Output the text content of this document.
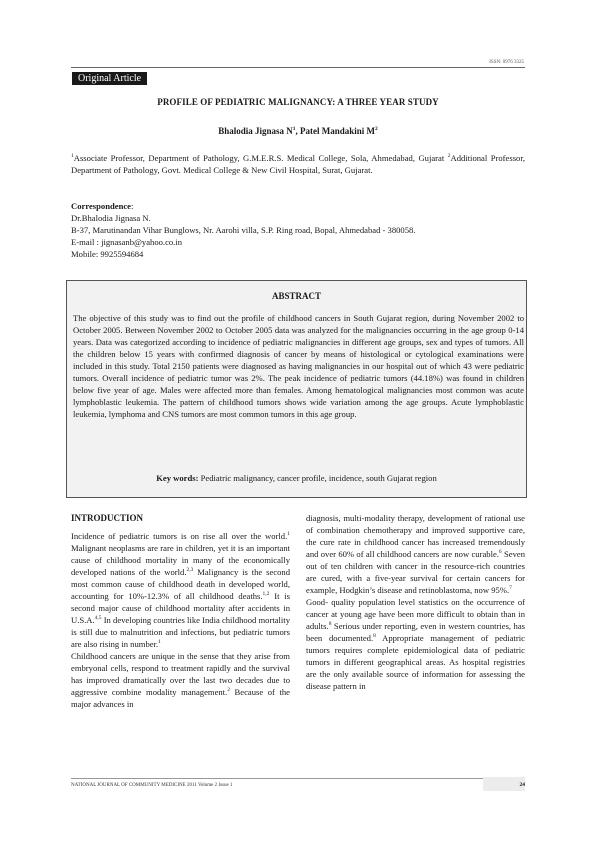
ISSN: 0976 3325
Original Article
PROFILE OF PEDIATRIC MALIGNANCY: A THREE YEAR STUDY
Bhalodia Jignasa $N^1$, Patel Mandakini $M^2$
$^1$Associate Professor, Department of Pathology, G.M.E.R.S. Medical College, Sola, Ahmedabad, Gujarat $^2$Additional Professor, Department of Pathology, Govt. Medical College & New Civil Hospital, Surat, Gujarat.
Correspondence:
Dr.Bhalodia Jignasa N.
B-37, Marutinandan Vihar Bunglows, Nr. Aarohi villa, S.P. Ring road, Bopal, Ahmedabad - 380058.
E-mail : jignasanb@yahoo.co.in
Mobile: 9925594684
ABSTRACT
The objective of this study was to find out the profile of childhood cancers in South Gujarat region, during November 2002 to October 2005. Between November 2002 to October 2005 data was analyzed for the malignancies occurring in the age group 0-14 years. Data was categorized according to incidence of pediatric malignancies in different age groups, sex and types of tumors. All the children below 15 years with confirmed diagnosis of cancer by means of histological or cytological examinations were included in this study. Total 2150 patients were diagnosed as having malignancies in our hospital out of which 43 were pediatric tumors. Overall incidence of pediatric tumor was 2%. The peak incidence of pediatric tumors (44.18%) was found in children below five year of age. Males were affected more than females. Among hematological malignancies most common was acute lymphoblastic leukemia. The pattern of childhood tumors shows wide variation among the age groups. Acute lymphoblastic leukemia, lymphoma and CNS tumors are most common tumors in this age group.
Key words: Pediatric malignancy, cancer profile, incidence, south Gujarat region

INTRODUCTION

Incidence of pediatric tumors is on rise all over the world.$^1$ Malignant neoplasms are rare in children, yet it is an important cause of childhood mortality in many of the economically developed nations of the world.$^{2,3}$ Malignancy is the second most common cause of childhood death in developed world, accounting for 10%-12.3% of all childhood deaths.$^{1,2}$ It is second major cause of childhood mortality after accidents in U.S.A.$^{4,5}$ In developing countries like India childhood mortality is still due to malnutrition and infections, but pediatric tumors are also rising in number.$^1$

Childhood cancers are unique in the sense that they arise from embryonal cells, respond to treatment rapidly and the survival has improved dramatically over the last two decades due to aggressive combine modality management.$^2$ Because of the major advances in

diagnosis, multi-modality therapy, development of rational use of combination chemotherapy and improved supportive care, the cure rate in childhood cancer has increased tremendously and over 60% of all childhood cancers are now curable.$^6$ Seven out of ten children with cancer in the resource-rich countries are cured, with a five-year survival for certain cancers for example, Hodgkin’s disease and retinoblastoma, now 95%.$^7$

Good- quality population level statistics on the occurrence of cancer at young age have been more difficult to obtain than in adults.$^8$ Serious under reporting, even in western countries, has been documented.$^8$ Appropriate management of pediatric tumors requires complete epidemiological data of pediatric tumors in different geographical areas. As hospital registries are the only available source of information for assessing the disease pattern in

NATIONAL JOURNAL OF COMMUNITY MEDICINE 2011 Volume 2 Issue 1	24
